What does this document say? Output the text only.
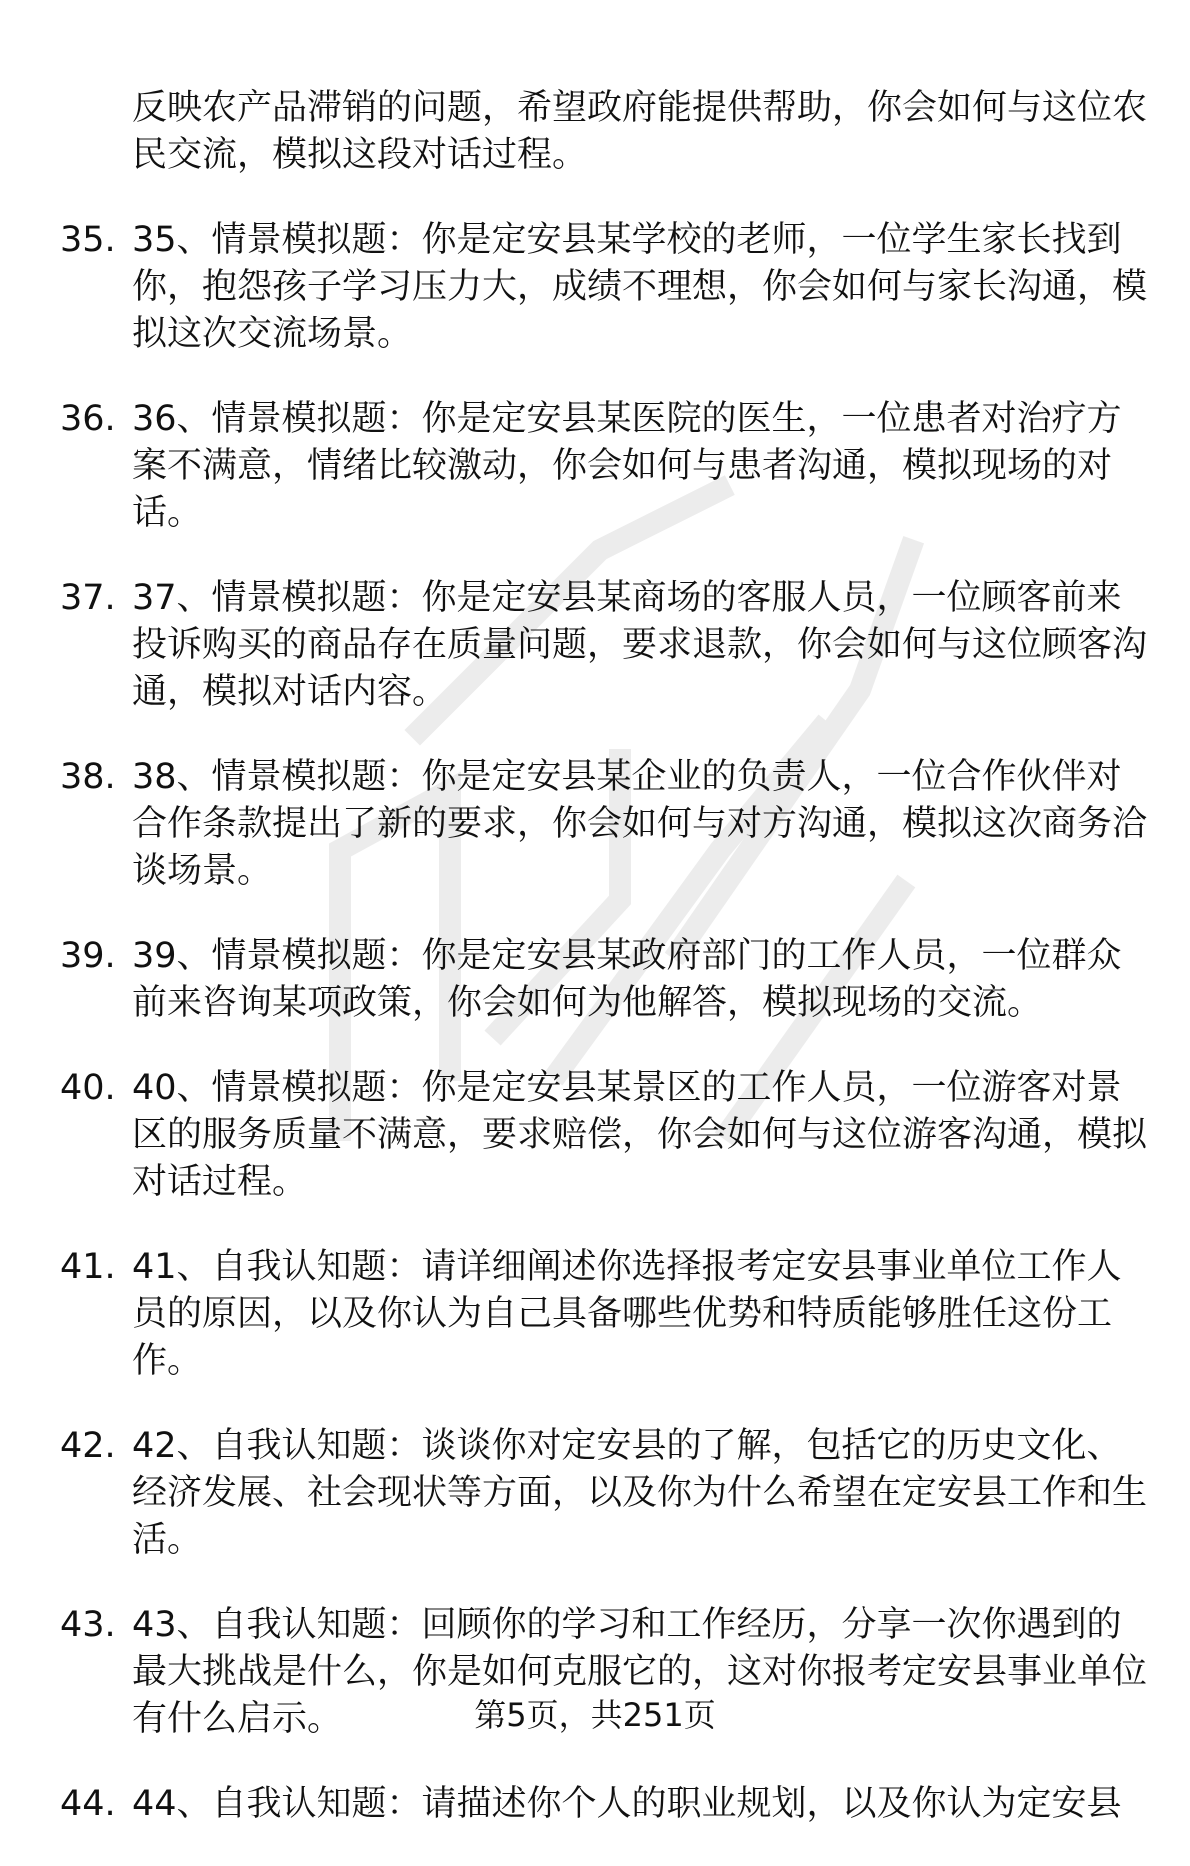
反映农产品滞销的问题，希望政府能提供帮助，你会如何与这位农民交流，模拟这段对话过程。

35. 35、情景模拟题：你是定安县某学校的老师，一位学生家长找到你，抱怨孩子学习压力大，成绩不理想，你会如何与家长沟通，模拟这次交流场景。
36. 36、情景模拟题：你是定安县某医院的医生，一位患者对治疗方案不满意，情绪比较激动，你会如何与患者沟通，模拟现场的对话。
37. 37、情景模拟题：你是定安县某商场的客服人员，一位顾客前来投诉购买的商品存在质量问题，要求退款，你会如何与这位顾客沟通，模拟对话内容。
38. 38、情景模拟题：你是定安县某企业的负责人，一位合作伙伴对合作条款提出了新的要求，你会如何与对方沟通，模拟这次商务洽谈场景。
39. 39、情景模拟题：你是定安县某政府部门的工作人员，一位群众前来咨询某项政策，你会如何为他解答，模拟现场的交流。
40. 40、情景模拟题：你是定安县某景区的工作人员，一位游客对景区的服务质量不满意，要求赔偿，你会如何与这位游客沟通，模拟对话过程。
41. 41、自我认知题：请详细阐述你选择报考定安县事业单位工作人员的原因，以及你认为自己具备哪些优势和特质能够胜任这份工作。
42. 42、自我认知题：谈谈你对定安县的了解，包括它的历史文化、经济发展、社会现状等方面，以及你为什么希望在定安县工作和生活。
43. 43、自我认知题：回顾你的学习和工作经历，分享一次你遇到的最大挑战是什么，你是如何克服它的，这对你报考定安县事业单位有什么启示。
44. 44、自我认知题：请描述你个人的职业规划，以及你认为定安县
第5页，共251页
